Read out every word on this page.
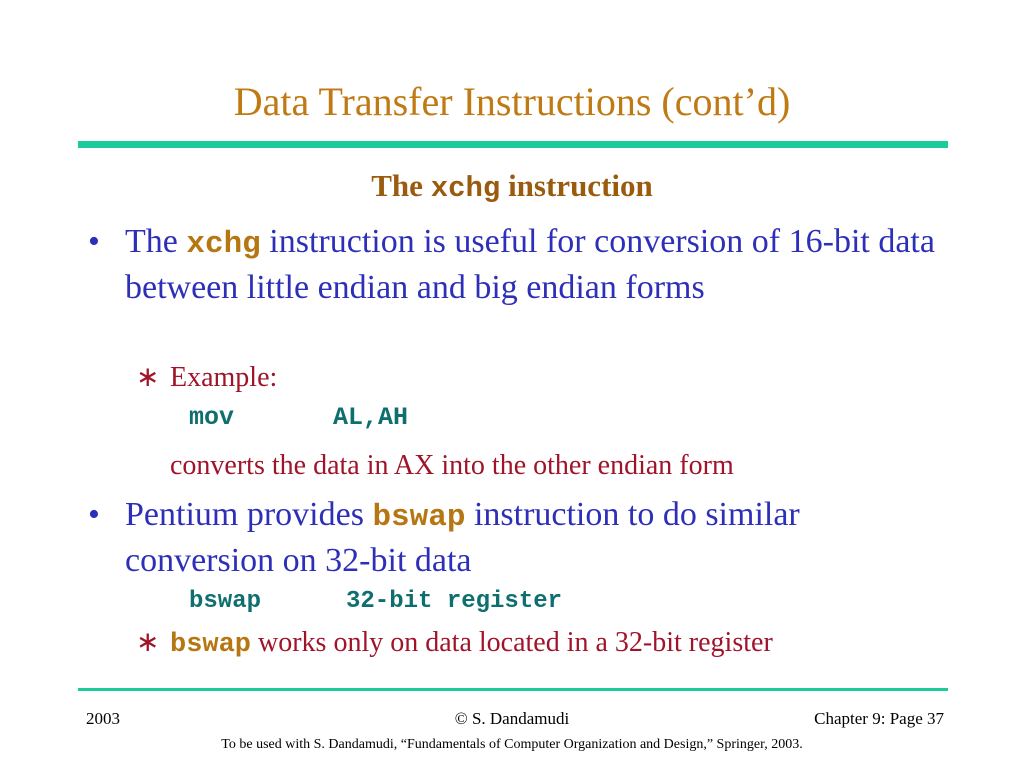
Data Transfer Instructions (cont’d)
The xchg instruction
• The xchg instruction is useful for conversion of 16-bit data between little endian and big endian forms
∗ Example:
mov	AL,AH
converts the data in AX into the other endian form
• Pentium provides bswap instruction to do similar conversion on 32-bit data
bswap	32-bit register
∗ bswap works only on data located in a 32-bit register
2003	© S. Dandamudi	Chapter 9: Page 37
To be used with S. Dandamudi, “Fundamentals of Computer Organization and Design,” Springer, 2003.
